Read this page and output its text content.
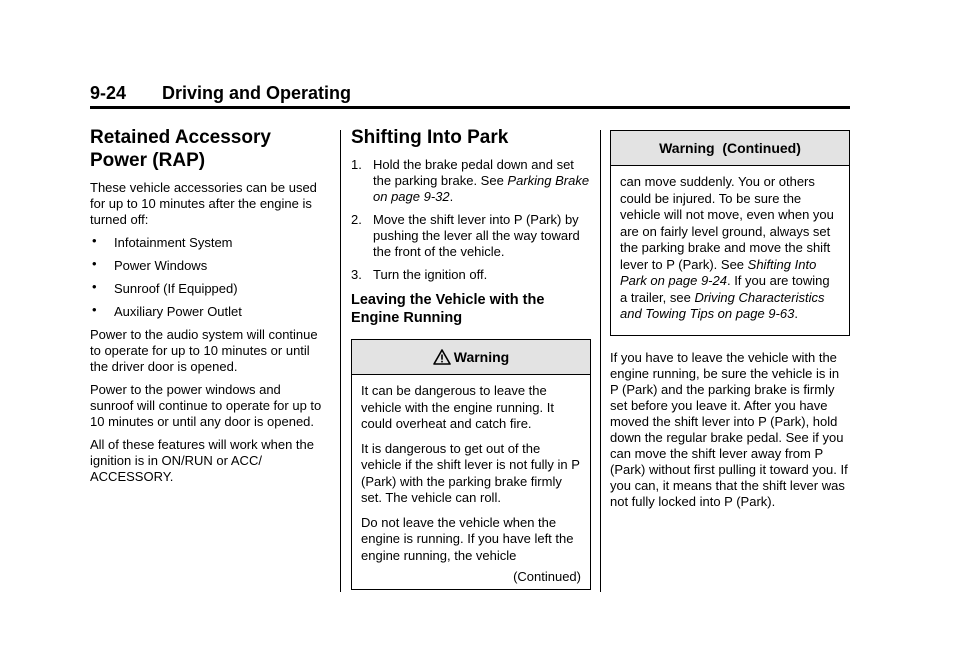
9-24 Driving and Operating
Retained Accessory
Power (RAP)

These vehicle accessories can be used for up to 10 minutes after the engine is turned off:

• Infotainment System
• Power Windows
• Sunroof (If Equipped)
• Auxiliary Power Outlet

Power to the audio system will continue to operate for up to 10 minutes or until the driver door is opened.

Power to the power windows and sunroof will continue to operate for up to 10 minutes or until any door is opened.

All of these features will work when the ignition is in ON/RUN or ACC/ ACCESSORY.

Shifting Into Park
1. Hold the brake pedal down and set the parking brake. See Parking Brake on page 9-32.
2. Move the shift lever into P (Park) by pushing the lever all the way toward the front of the vehicle.
3. Turn the ignition off.
Leaving the Vehicle with the Engine Running
Warning

It can be dangerous to leave the vehicle with the engine running. It could overheat and catch fire.

It is dangerous to get out of the vehicle if the shift lever is not fully in P (Park) with the parking brake firmly set. The vehicle can roll.

Do not leave the vehicle when the engine is running. If you have left the engine running, the vehicle

(Continued)
Warning  (Continued)

can move suddenly. You or others could be injured. To be sure the vehicle will not move, even when you are on fairly level ground, always set the parking brake and move the shift lever to P (Park). See Shifting Into Park on page 9-24. If you are towing a trailer, see Driving Characteristics and Towing Tips on page 9-63.

If you have to leave the vehicle with the engine running, be sure the vehicle is in P (Park) and the parking brake is firmly set before you leave it. After you have moved the shift lever into P (Park), hold down the regular brake pedal. See if you can move the shift lever away from P (Park) without first pulling it toward you. If you can, it means that the shift lever was not fully locked into P (Park).
